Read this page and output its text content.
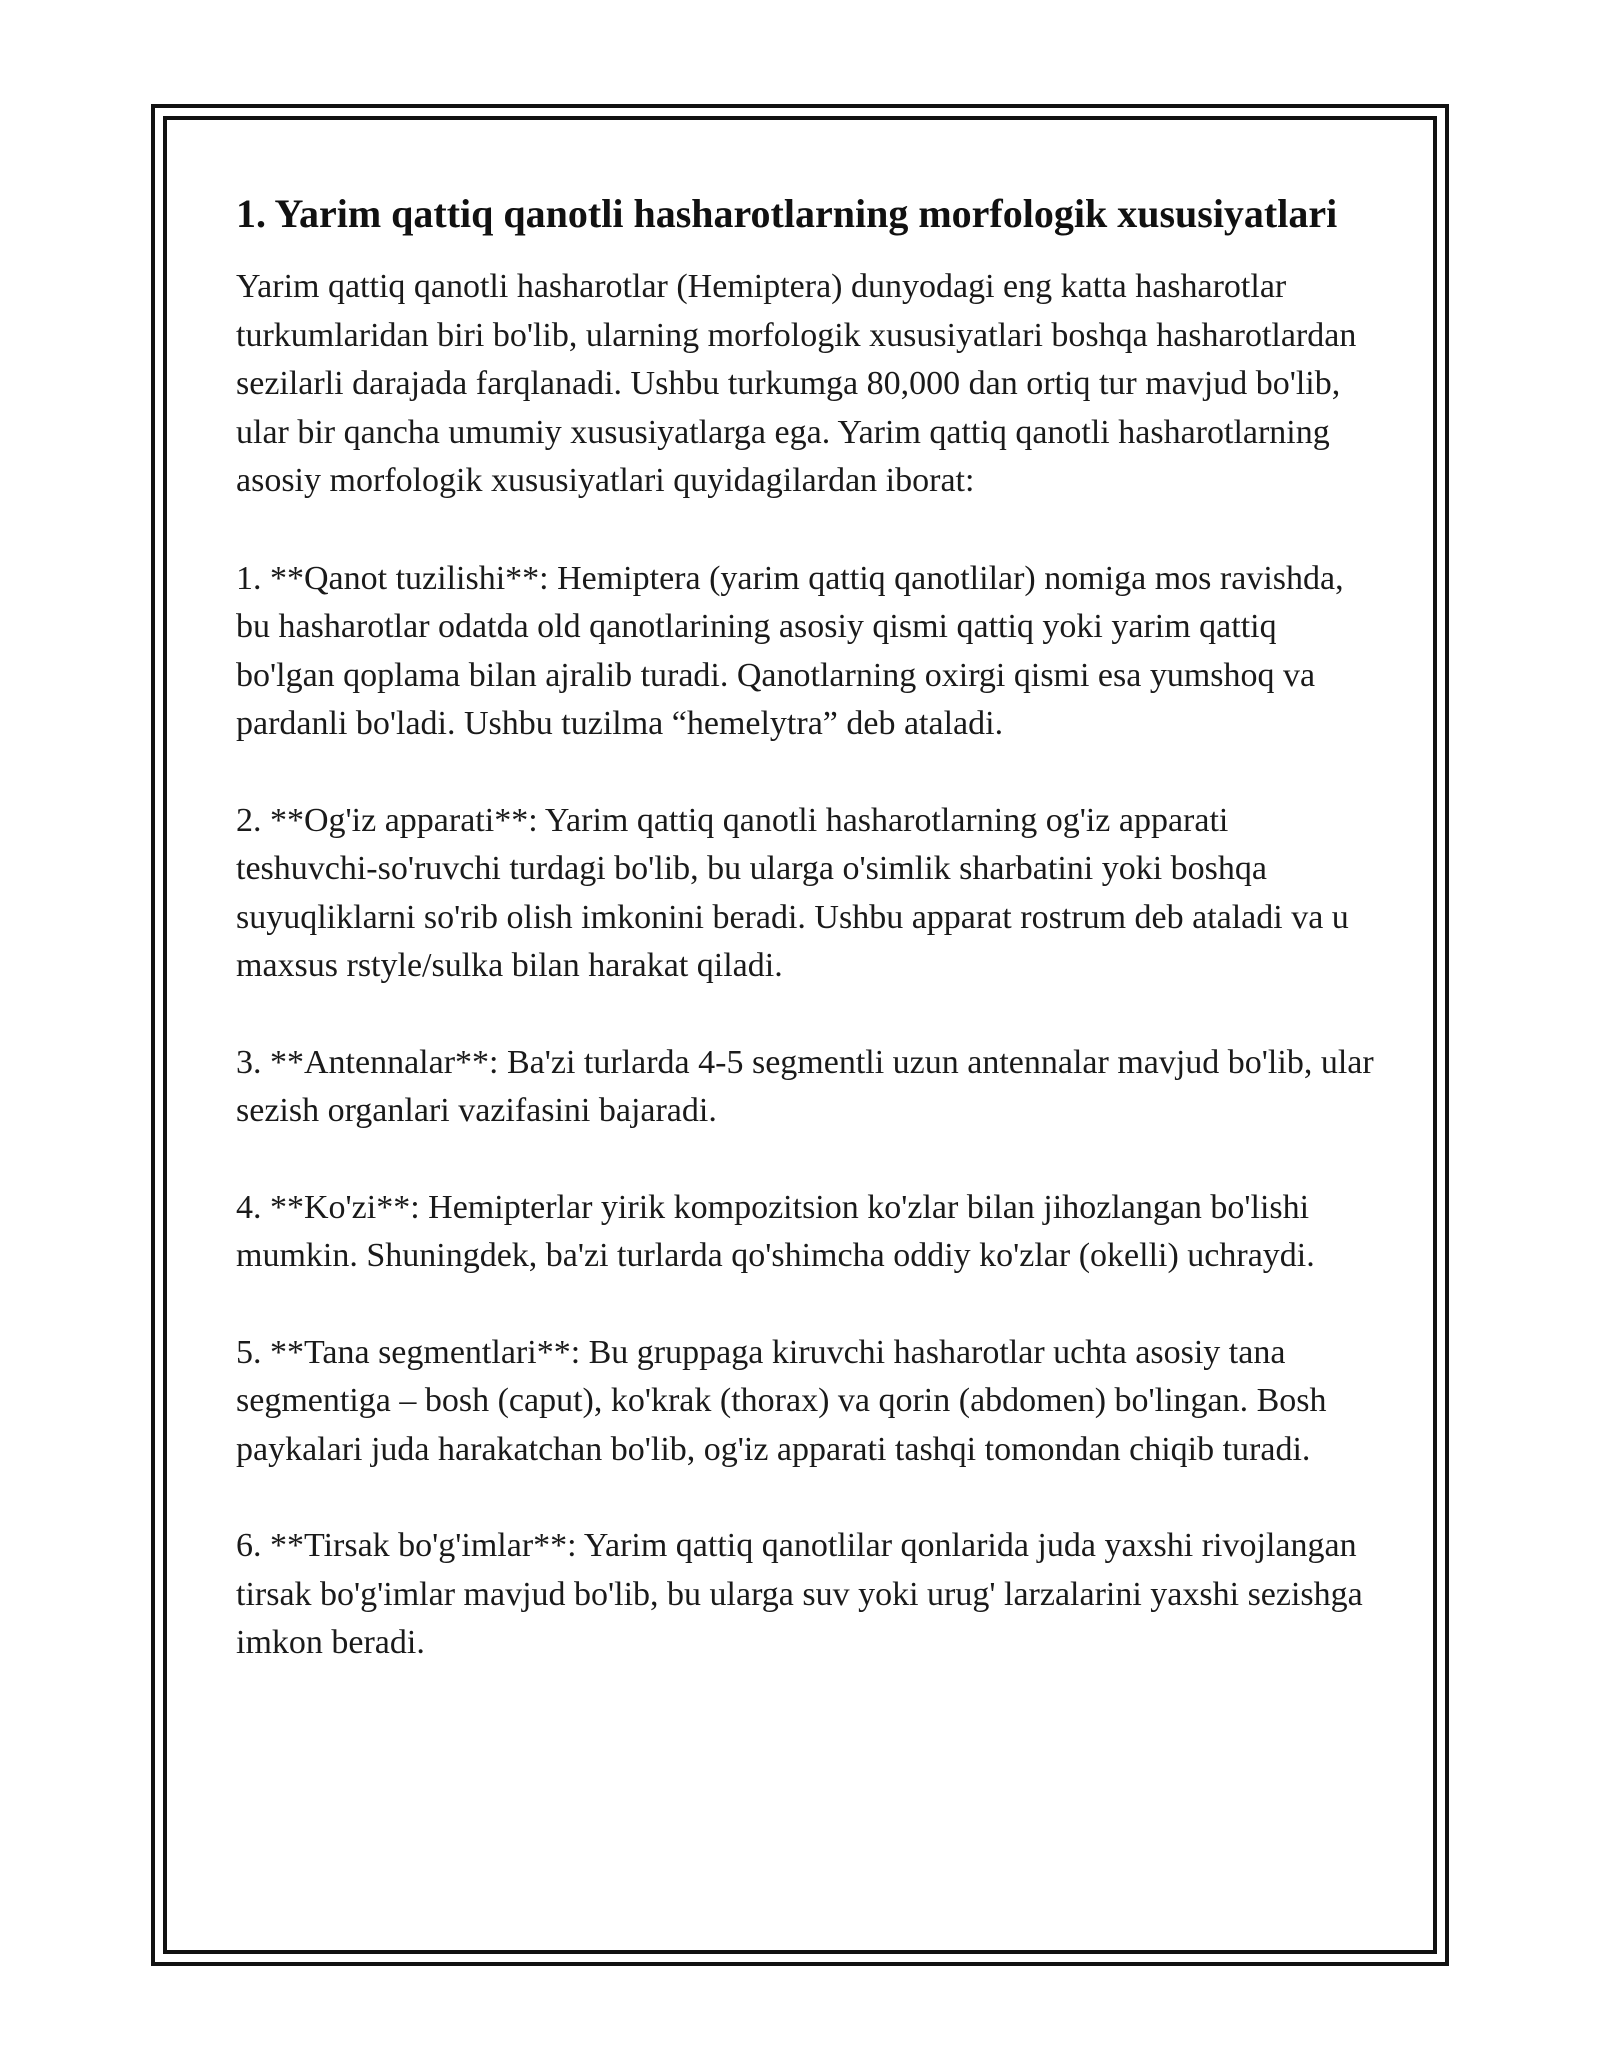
1. Yarim qattiq qanotli hasharotlarning morfologik xususiyatlari

Yarim qattiq qanotli hasharotlar (Hemiptera) dunyodagi eng katta hasharotlar turkumlaridan biri bo'lib, ularning morfologik xususiyatlari boshqa hasharotlardan sezilarli darajada farqlanadi. Ushbu turkumga 80,000 dan ortiq tur mavjud bo'lib, ular bir qancha umumiy xususiyatlarga ega. Yarim qattiq qanotli hasharotlarning asosiy morfologik xususiyatlari quyidagilardan iborat:

1. **Qanot tuzilishi**: Hemiptera (yarim qattiq qanotlilar) nomiga mos ravishda, bu hasharotlar odatda old qanotlarining asosiy qismi qattiq yoki yarim qattiq bo'lgan qoplama bilan ajralib turadi. Qanotlarning oxirgi qismi esa yumshoq va pardanli bo'ladi. Ushbu tuzilma “hemelytra” deb ataladi.

2. **Og'iz apparati**: Yarim qattiq qanotli hasharotlarning og'iz apparati teshuvchi-so'ruvchi turdagi bo'lib, bu ularga o'simlik sharbatini yoki boshqa suyuqliklarni so'rib olish imkonini beradi. Ushbu apparat rostrum deb ataladi va u maxsus rstyle/sulka bilan harakat qiladi.

3. **Antennalar**: Ba'zi turlarda 4-5 segmentli uzun antennalar mavjud bo'lib, ular sezish organlari vazifasini bajaradi.

4. **Ko'zi**: Hemipterlar yirik kompozitsion ko'zlar bilan jihozlangan bo'lishi mumkin. Shuningdek, ba'zi turlarda qo'shimcha oddiy ko'zlar (okelli) uchraydi.

5. **Tana segmentlari**: Bu gruppaga kiruvchi hasharotlar uchta asosiy tana segmentiga – bosh (caput), ko'krak (thorax) va qorin (abdomen) bo'lingan. Bosh paykalari juda harakatchan bo'lib, og'iz apparati tashqi tomondan chiqib turadi.

6. **Tirsak bo'g'imlar**: Yarim qattiq qanotlilar qonlarida juda yaxshi rivojlangan tirsak bo'g'imlar mavjud bo'lib, bu ularga suv yoki urug' larzalarini yaxshi sezishga imkon beradi.
